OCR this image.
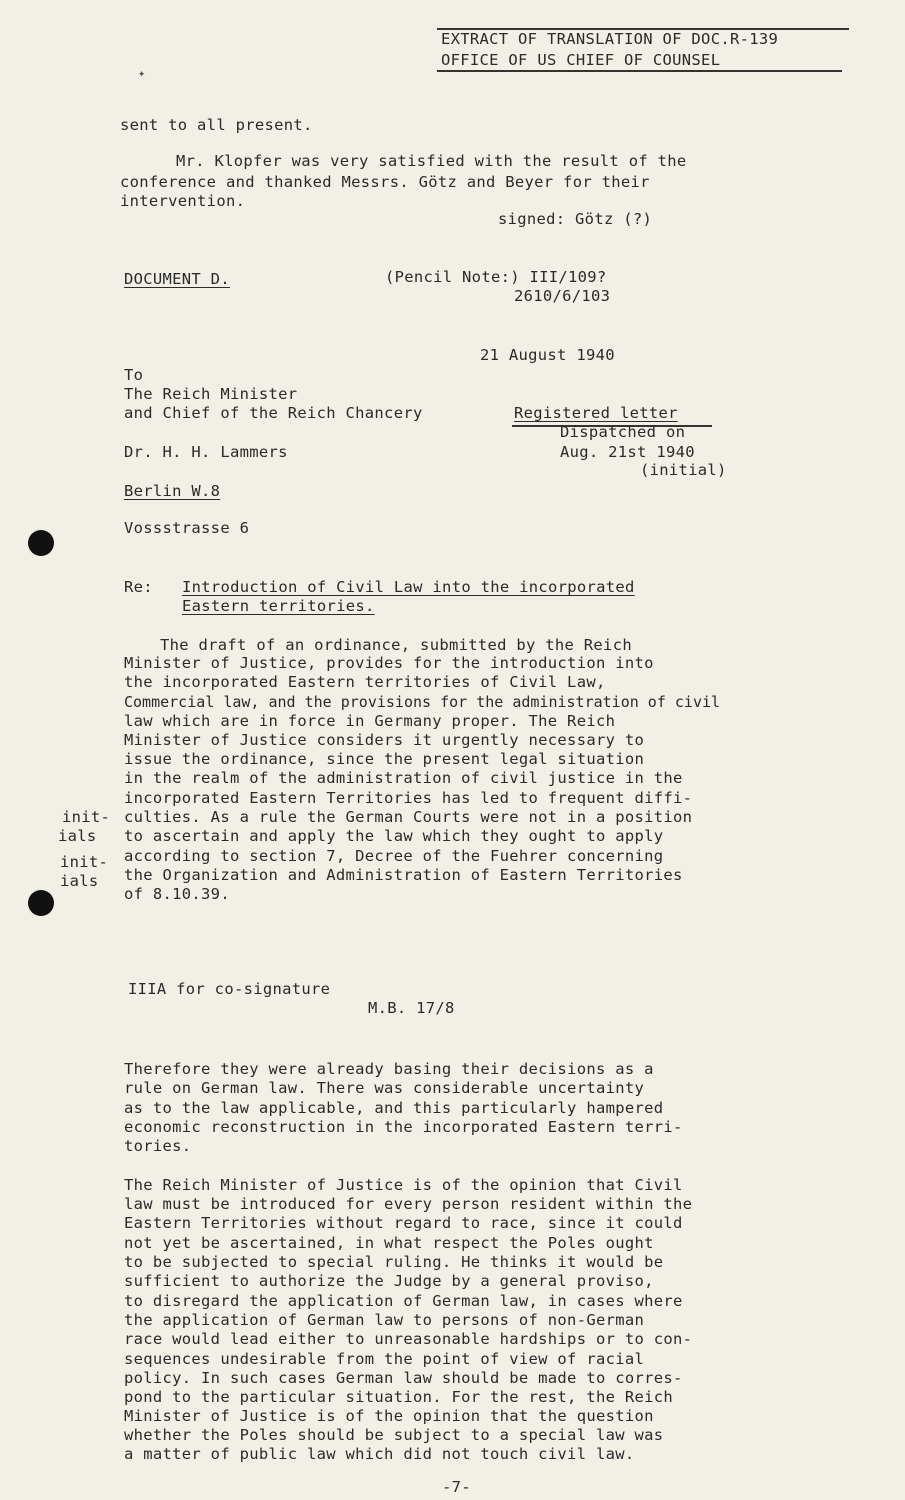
✦
EXTRACT OF TRANSLATION OF DOC.R-139
OFFICE OF US CHIEF OF COUNSEL
sent to all present.
Mr. Klopfer was very satisfied with the result of the
conference and thanked Messrs. Götz and Beyer for their
intervention.
signed: Götz (?)
DOCUMENT D.	(Pencil Note:) III/109?
2610/6/103
21 August 1940
To
The Reich Minister
and Chief of the Reich Chancery
Dr. H. H. Lammers
Berlin W.8
Vossstrasse 6
Registered letter
Dispatched on
Aug. 21st 1940
(initial)
Re: Introduction of Civil Law into the incorporated
Eastern territories.
init-
ials
init-
ials
The draft of an ordinance, submitted by the Reich
Minister of Justice, provides for the introduction into
the incorporated Eastern territories of Civil Law,
Commercial law, and the provisions for the administration of civil
law which are in force in Germany proper. The Reich
Minister of Justice considers it urgently necessary to
issue the ordinance, since the present legal situation
in the realm of the administration of civil justice in the
incorporated Eastern Territories has led to frequent diffi-
culties. As a rule the German Courts were not in a position
to ascertain and apply the law which they ought to apply
according to section 7, Decree of the Fuehrer concerning
the Organization and Administration of Eastern Territories
of 8.10.39.
IIIA for co-signature
M.B. 17/8
Therefore they were already basing their decisions as a
rule on German law. There was considerable uncertainty
as to the law applicable, and this particularly hampered
economic reconstruction in the incorporated Eastern terri-
tories.
The Reich Minister of Justice is of the opinion that Civil
law must be introduced for every person resident within the
Eastern Territories without regard to race, since it could
not yet be ascertained, in what respect the Poles ought
to be subjected to special ruling. He thinks it would be
sufficient to authorize the Judge by a general proviso,
to disregard the application of German law, in cases where
the application of German law to persons of non-German
race would lead either to unreasonable hardships or to con-
sequences undesirable from the point of view of racial
policy. In such cases German law should be made to corres-
pond to the particular situation. For the rest, the Reich
Minister of Justice is of the opinion that the question
whether the Poles should be subject to a special law was
a matter of public law which did not touch civil law.
-7-
